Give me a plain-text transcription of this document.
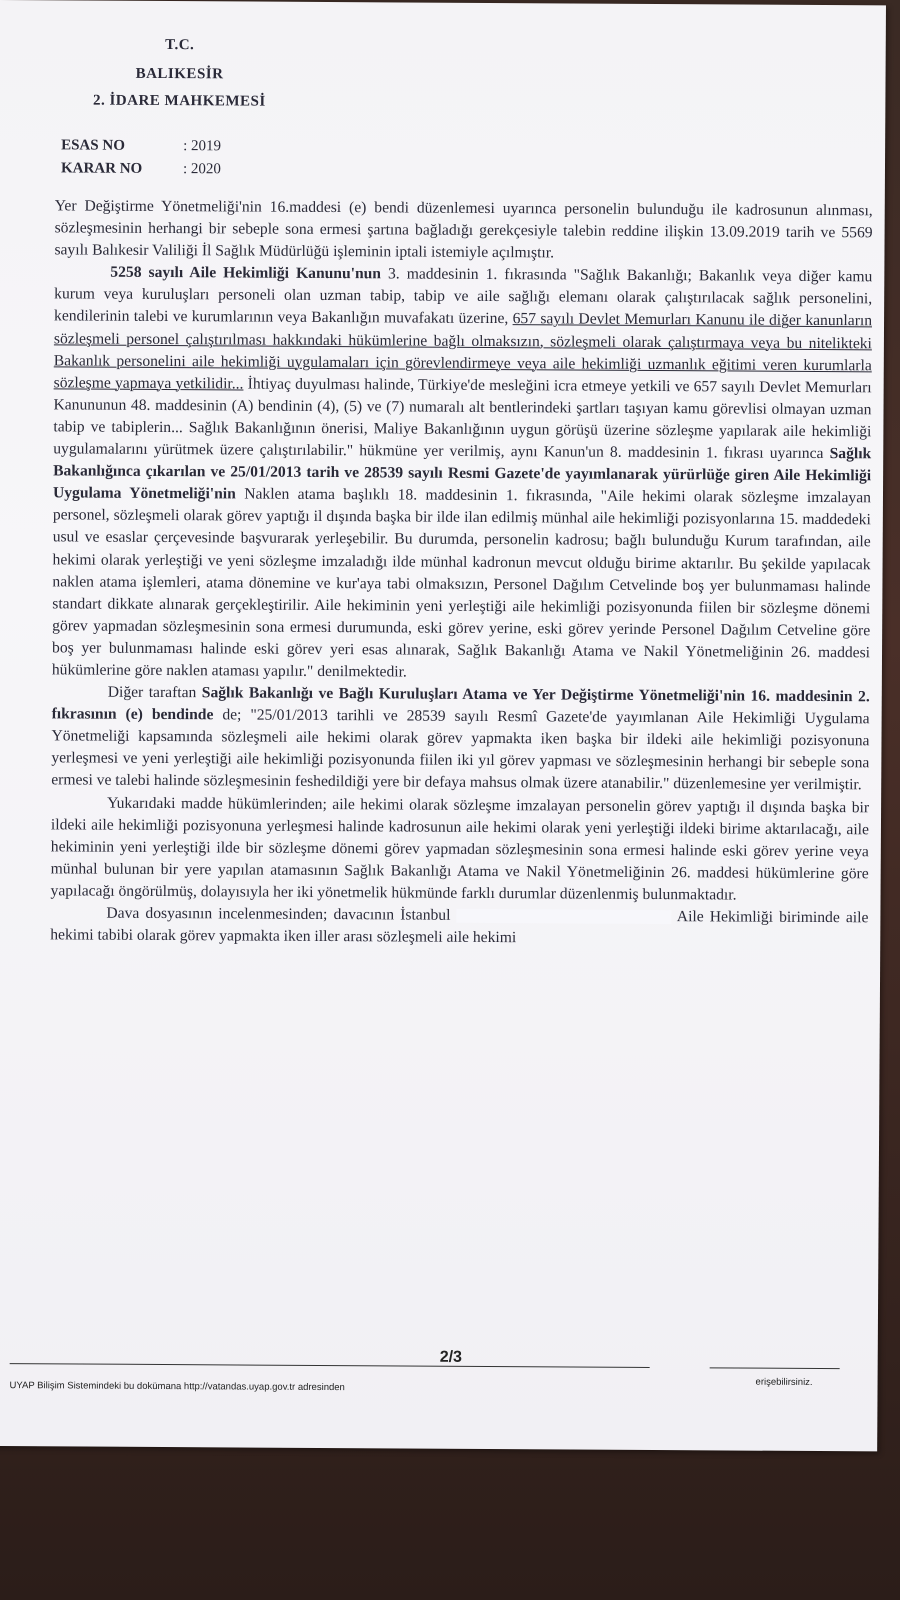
T.C.
BALIKESİR
2. İDARE MAHKEMESİ
ESAS NO	: 2019
KARAR NO	: 2020

Yer Değiştirme Yönetmeliği'nin 16.maddesi (e) bendi düzenlemesi uyarınca personelin bulunduğu ile kadrosunun alınması, sözleşmesinin herhangi bir sebeple sona ermesi şartına bağladığı gerekçesiyle talebin reddine ilişkin 13.09.2019 tarih ve 5569 sayılı Balıkesir Valiliği İl Sağlık Müdürlüğü işleminin iptali istemiyle açılmıştır.

5258 sayılı Aile Hekimliği Kanunu'nun 3. maddesinin 1. fıkrasında "Sağlık Bakanlığı; Bakanlık veya diğer kamu kurum veya kuruluşları personeli olan uzman tabip, tabip ve aile sağlığı elemanı olarak çalıştırılacak sağlık personelini, kendilerinin talebi ve kurumlarının veya Bakanlığın muvafakatı üzerine, 657 sayılı Devlet Memurları Kanunu ile diğer kanunların sözleşmeli personel çalıştırılması hakkındaki hükümlerine bağlı olmaksızın, sözleşmeli olarak çalıştırmaya veya bu nitelikteki Bakanlık personelini aile hekimliği uygulamaları için görevlendirmeye veya aile hekimliği uzmanlık eğitimi veren kurumlarla sözleşme yapmaya yetkilidir... İhtiyaç duyulması halinde, Türkiye'de mesleğini icra etmeye yetkili ve 657 sayılı Devlet Memurları Kanununun 48. maddesinin (A) bendinin (4), (5) ve (7) numaralı alt bentlerindeki şartları taşıyan kamu görevlisi olmayan uzman tabip ve tabiplerin... Sağlık Bakanlığının önerisi, Maliye Bakanlığının uygun görüşü üzerine sözleşme yapılarak aile hekimliği uygulamalarını yürütmek üzere çalıştırılabilir." hükmüne yer verilmiş, aynı Kanun'un 8. maddesinin 1. fıkrası uyarınca Sağlık Bakanlığınca çıkarılan ve 25/01/2013 tarih ve 28539 sayılı Resmi Gazete'de yayımlanarak yürürlüğe giren Aile Hekimliği Uygulama Yönetmeliği'nin Naklen atama başlıklı 18. maddesinin 1. fıkrasında, "Aile hekimi olarak sözleşme imzalayan personel, sözleşmeli olarak görev yaptığı il dışında başka bir ilde ilan edilmiş münhal aile hekimliği pozisyonlarına 15. maddedeki usul ve esaslar çerçevesinde başvurarak yerleşebilir. Bu durumda, personelin kadrosu; bağlı bulunduğu Kurum tarafından, aile hekimi olarak yerleştiği ve yeni sözleşme imzaladığı ilde münhal kadronun mevcut olduğu birime aktarılır. Bu şekilde yapılacak naklen atama işlemleri, atama dönemine ve kur'aya tabi olmaksızın, Personel Dağılım Cetvelinde boş yer bulunmaması halinde standart dikkate alınarak gerçekleştirilir. Aile hekiminin yeni yerleştiği aile hekimliği pozisyonunda fiilen bir sözleşme dönemi görev yapmadan sözleşmesinin sona ermesi durumunda, eski görev yerine, eski görev yerinde Personel Dağılım Cetveline göre boş yer bulunmaması halinde eski görev yeri esas alınarak, Sağlık Bakanlığı Atama ve Nakil Yönetmeliğinin 26. maddesi hükümlerine göre naklen ataması yapılır." denilmektedir.

Diğer taraftan Sağlık Bakanlığı ve Bağlı Kuruluşları Atama ve Yer Değiştirme Yönetmeliği'nin 16. maddesinin 2. fıkrasının (e) bendinde de; "25/01/2013 tarihli ve 28539 sayılı Resmî Gazete'de yayımlanan Aile Hekimliği Uygulama Yönetmeliği kapsamında sözleşmeli aile hekimi olarak görev yapmakta iken başka bir ildeki aile hekimliği pozisyonuna yerleşmesi ve yeni yerleştiği aile hekimliği pozisyonunda fiilen iki yıl görev yapması ve sözleşmesinin herhangi bir sebeple sona ermesi ve talebi halinde sözleşmesinin feshedildiği yere bir defaya mahsus olmak üzere atanabilir." düzenlemesine yer verilmiştir.

Yukarıdaki madde hükümlerinden; aile hekimi olarak sözleşme imzalayan personelin görev yaptığı il dışında başka bir ildeki aile hekimliği pozisyonuna yerleşmesi halinde kadrosunun aile hekimi olarak yeni yerleştiği ildeki birime aktarılacağı, aile hekiminin yeni yerleştiği ilde bir sözleşme dönemi görev yapmadan sözleşmesinin sona ermesi halinde eski görev yerine veya münhal bulunan bir yere yapılan atamasının Sağlık Bakanlığı Atama ve Nakil Yönetmeliğinin 26. maddesi hükümlerine göre yapılacağı öngörülmüş, dolayısıyla her iki yönetmelik hükmünde farklı durumlar düzenlenmiş bulunmaktadır.

Dava dosyasının incelenmesinden; davacının İstanbul	Aile Hekimliği biriminde aile hekimi tabibi olarak görev yapmakta iken iller arası sözleşmeli aile hekimi

2/3
UYAP Bilişim Sistemindeki bu dokümana http://vatandas.uyap.gov.tr adresinden	erişebilirsiniz.
